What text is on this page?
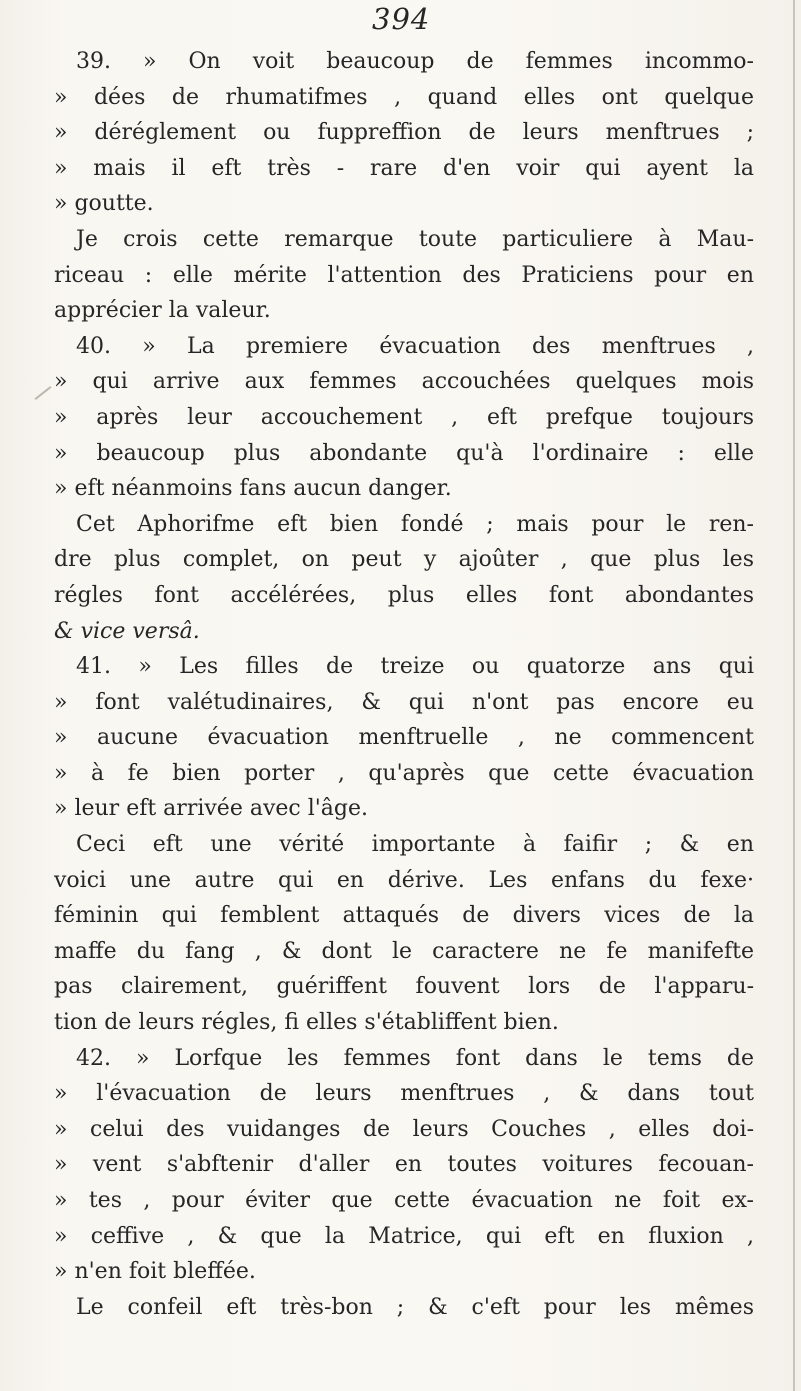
394
39. » On voit beaucoup de femmes incommo-
» dées de rhumatifmes , quand elles ont quelque
» déréglement ou fuppreffion de leurs menftrues ;
» mais il eft très - rare d'en voir qui ayent la
» goutte.
Je crois cette remarque toute particuliere à Mau-
riceau : elle mérite l'attention des Praticiens pour en
apprécier la valeur.
40. » La premiere évacuation des menftrues ,
» qui arrive aux femmes accouchées quelques mois
» après leur accouchement , eft prefque toujours
» beaucoup plus abondante qu'à l'ordinaire : elle
» eft néanmoins fans aucun danger.
Cet Aphorifme eft bien fondé ; mais pour le ren-
dre plus complet, on peut y ajoûter , que plus les
régles font accélérées, plus elles font abondantes
& vice versâ.
41. » Les filles de treize ou quatorze ans qui
» font valétudinaires, & qui n'ont pas encore eu
» aucune évacuation menftruelle , ne commencent
» à fe bien porter , qu'après que cette évacuation
» leur eft arrivée avec l'âge.
Ceci eft une vérité importante à faifir ; & en
voici une autre qui en dérive. Les enfans du fexe·
féminin qui femblent attaqués de divers vices de la
maffe du fang , & dont le caractere ne fe manifefte
pas clairement, guériffent fouvent lors de l'apparu-
tion de leurs régles, fi elles s'établiffent bien.
42. » Lorfque les femmes font dans le tems de
» l'évacuation de leurs menftrues , & dans tout
» celui des vuidanges de leurs Couches , elles doi-
» vent s'abftenir d'aller en toutes voitures fecouan-
» tes , pour éviter que cette évacuation ne foit ex-
» ceffive , & que la Matrice, qui eft en fluxion ,
» n'en foit bleffée.
Le confeil eft très-bon ; & c'eft pour les mêmes
